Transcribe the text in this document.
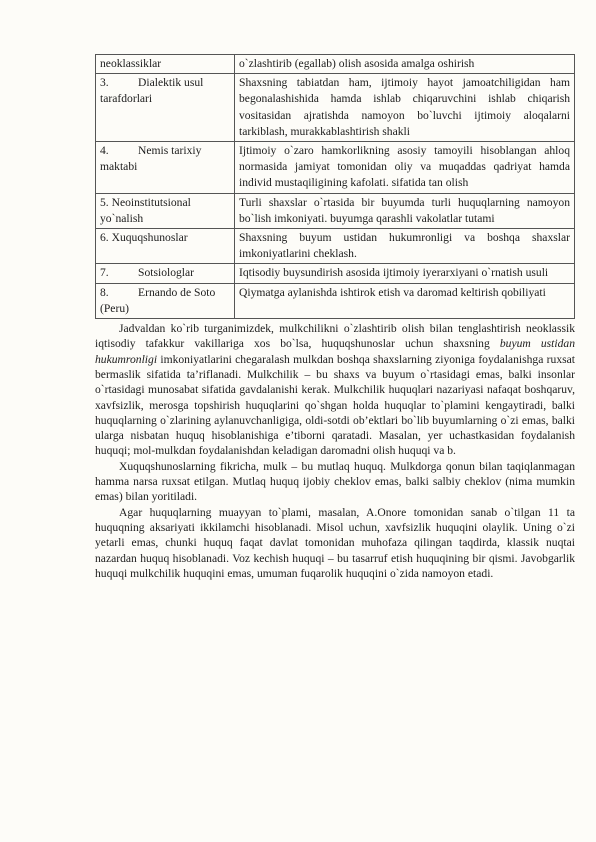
neoklassiklar	o`zlashtirib (egallab) olish asosida amalga oshirish
3. Dialektik usul tarafdorlari	Shaxsning tabiatdan ham, ijtimoiy hayot jamoatchiligidan ham begonalashishida hamda ishlab chiqaruvchini ishlab chiqarish vositasidan ajratishda namoyon bo`luvchi ijtimoiy aloqalarni tarkiblash, murakkablashtirish shakli
4. Nemis tarixiy maktabi	Ijtimoiy o`zaro hamkorlikning asosiy tamoyili hisoblangan ahloq normasida jamiyat tomonidan oliy va muqaddas qadriyat hamda individ mustaqiligining kafolati. sifatida tan olish
5. Neoinstitutsional yo`nalish	Turli shaxslar o`rtasida bir buyumda turli huquqlarning namoyon bo`lish imkoniyati. buyumga qarashli vakolatlar tutami
6. Xuquqshunoslar	Shaxsning buyum ustidan hukumronligi va boshqa shaxslar imkoniyatlarini cheklash.
7. Sotsiologlar	Iqtisodiy buysundirish asosida ijtimoiy iyerarxiyani o`rnatish usuli
8. Ernando de Soto (Peru)	Qiymatga aylanishda ishtirok etish va daromad keltirish qobiliyati

Jadvaldan ko`rib turganimizdek, mulkchilikni o`zlashtirib olish bilan tenglashtirish neoklassik iqtisodiy tafakkur vakillariga xos bo`lsa, huquqshunoslar uchun shaxsning buyum ustidan hukumronligi imkoniyatlarini chegaralash mulkdan boshqa shaxslarning ziyoniga foydalanishga ruxsat bermaslik sifatida ta’riflanadi. Mulkchilik – bu shaxs va buyum o`rtasidagi emas, balki insonlar o`rtasidagi munosabat sifatida gavdalanishi kerak. Mulkchilik huquqlari nazariyasi nafaqat boshqaruv, xavfsizlik, merosga topshirish huquqlarini qo`shgan holda huquqlar to`plamini kengaytiradi, balki huquqlarning o`zlarining aylanuvchanligiga, oldi-sotdi ob’ektlari bo`lib buyumlarning o`zi emas, balki ularga nisbatan huquq hisoblanishiga e’tiborni qaratadi. Masalan, yer uchastkasidan foydalanish huquqi; mol-mulkdan foydalanishdan keladigan daromadni olish huquqi va b.

Xuquqshunoslarning fikricha, mulk – bu mutlaq huquq. Mulkdorga qonun bilan taqiqlanmagan hamma narsa ruxsat etilgan. Mutlaq huquq ijobiy cheklov emas, balki salbiy cheklov (nima mumkin emas) bilan yoritiladi.

Agar huquqlarning muayyan to`plami, masalan, A.Onore tomonidan sanab o`tilgan 11 ta huquqning aksariyati ikkilamchi hisoblanadi. Misol uchun, xavfsizlik huquqini olaylik. Uning o`zi yetarli emas, chunki huquq faqat davlat tomonidan muhofaza qilingan taqdirda, klassik nuqtai nazardan huquq hisoblanadi. Voz kechish huquqi – bu tasarruf etish huquqining bir qismi. Javobgarlik huquqi mulkchilik huquqini emas, umuman fuqarolik huquqini o`zida namoyon etadi.
